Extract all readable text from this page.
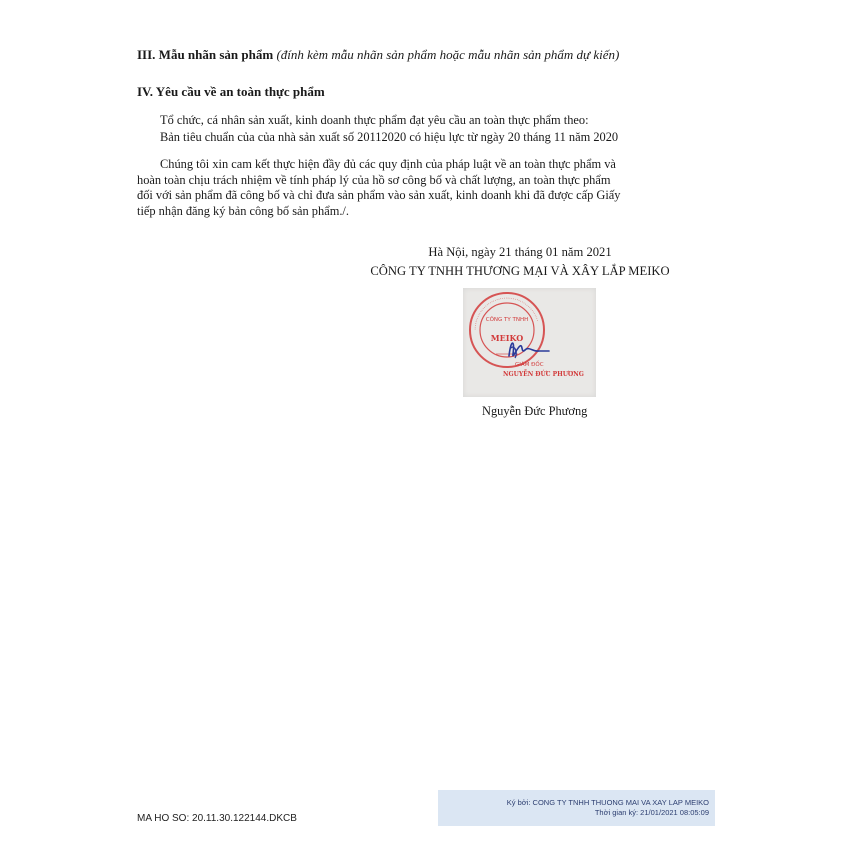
III. Mẫu nhãn sản phẩm (đính kèm mẫu nhãn sản phẩm hoặc mẫu nhãn sản phẩm dự kiến)
IV. Yêu cầu về an toàn thực phẩm
Tổ chức, cá nhân sản xuất, kinh doanh thực phẩm đạt yêu cầu an toàn thực phẩm theo:
Bản tiêu chuẩn của của nhà sản xuất số 20112020 có hiệu lực từ ngày 20 tháng 11 năm 2020
Chúng tôi xin cam kết thực hiện đầy đủ các quy định của pháp luật về an toàn thực phẩm và
hoàn toàn chịu trách nhiệm về tính pháp lý của hồ sơ công bố và chất lượng, an toàn thực phẩm
đối với sản phẩm đã công bố và chỉ đưa sản phẩm vào sản xuất, kinh doanh khi đã được cấp Giấy
tiếp nhận đăng ký bản công bố sản phẩm./.
Hà Nội, ngày 21 tháng 01 năm 2021
CÔNG TY TNHH THƯƠNG MẠI VÀ XÂY LẮP MEIKO
·················································
CÔNG TY TNHH
MEIKO
GIÁM ĐỐC
NGUYỄN ĐỨC PHƯƠNG
Nguyễn Đức Phương
MA HO SO: 20.11.30.122144.DKCB
Ký bởi: CONG TY TNHH THUONG MAI VA XAY LAP MEIKO
Thời gian ký: 21/01/2021 08:05:09
